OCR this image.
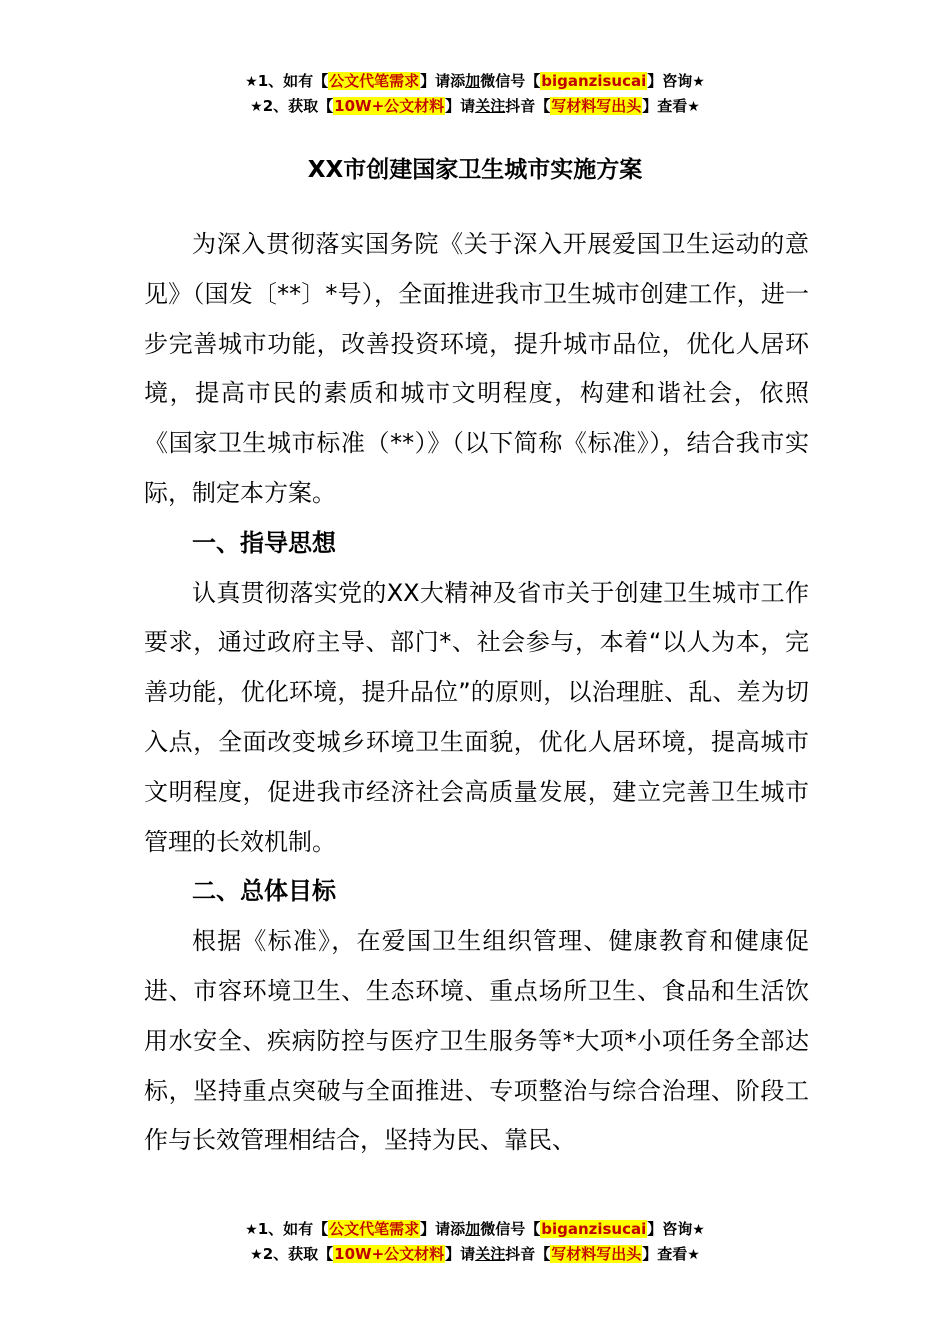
★1、如有【公文代笔需求】请添加微信号【biganzisucai】咨询★
★2、获取【10W+公文材料】请关注抖音【写材料写出头】查看★
XX市创建国家卫生城市实施方案

为深入贯彻落实国务院《关于深入开展爱国卫生运动的意见》（国发〔**〕*号），全面推进我市卫生城市创建工作，进一步完善城市功能，改善投资环境，提升城市品位，优化人居环境，提高市民的素质和城市文明程度，构建和谐社会，依照《国家卫生城市标准（**）》（以下简称《标准》），结合我市实际，制定本方案。

一、指导思想

认真贯彻落实党的XX大精神及省市关于创建卫生城市工作要求，通过政府主导、部门*、社会参与，本着“以人为本，完善功能，优化环境，提升品位”的原则，以治理脏、乱、差为切入点，全面改变城乡环境卫生面貌，优化人居环境，提高城市文明程度，促进我市经济社会高质量发展，建立完善卫生城市管理的长效机制。

二、总体目标

根据《标准》，在爱国卫生组织管理、健康教育和健康促进、市容环境卫生、生态环境、重点场所卫生、食品和生活饮用水安全、疾病防控与医疗卫生服务等*大项*小项任务全部达标，坚持重点突破与全面推进、专项整治与综合治理、阶段工作与长效管理相结合，坚持为民、靠民、

★1、如有【公文代笔需求】请添加微信号【biganzisucai】咨询★
★2、获取【10W+公文材料】请关注抖音【写材料写出头】查看★
